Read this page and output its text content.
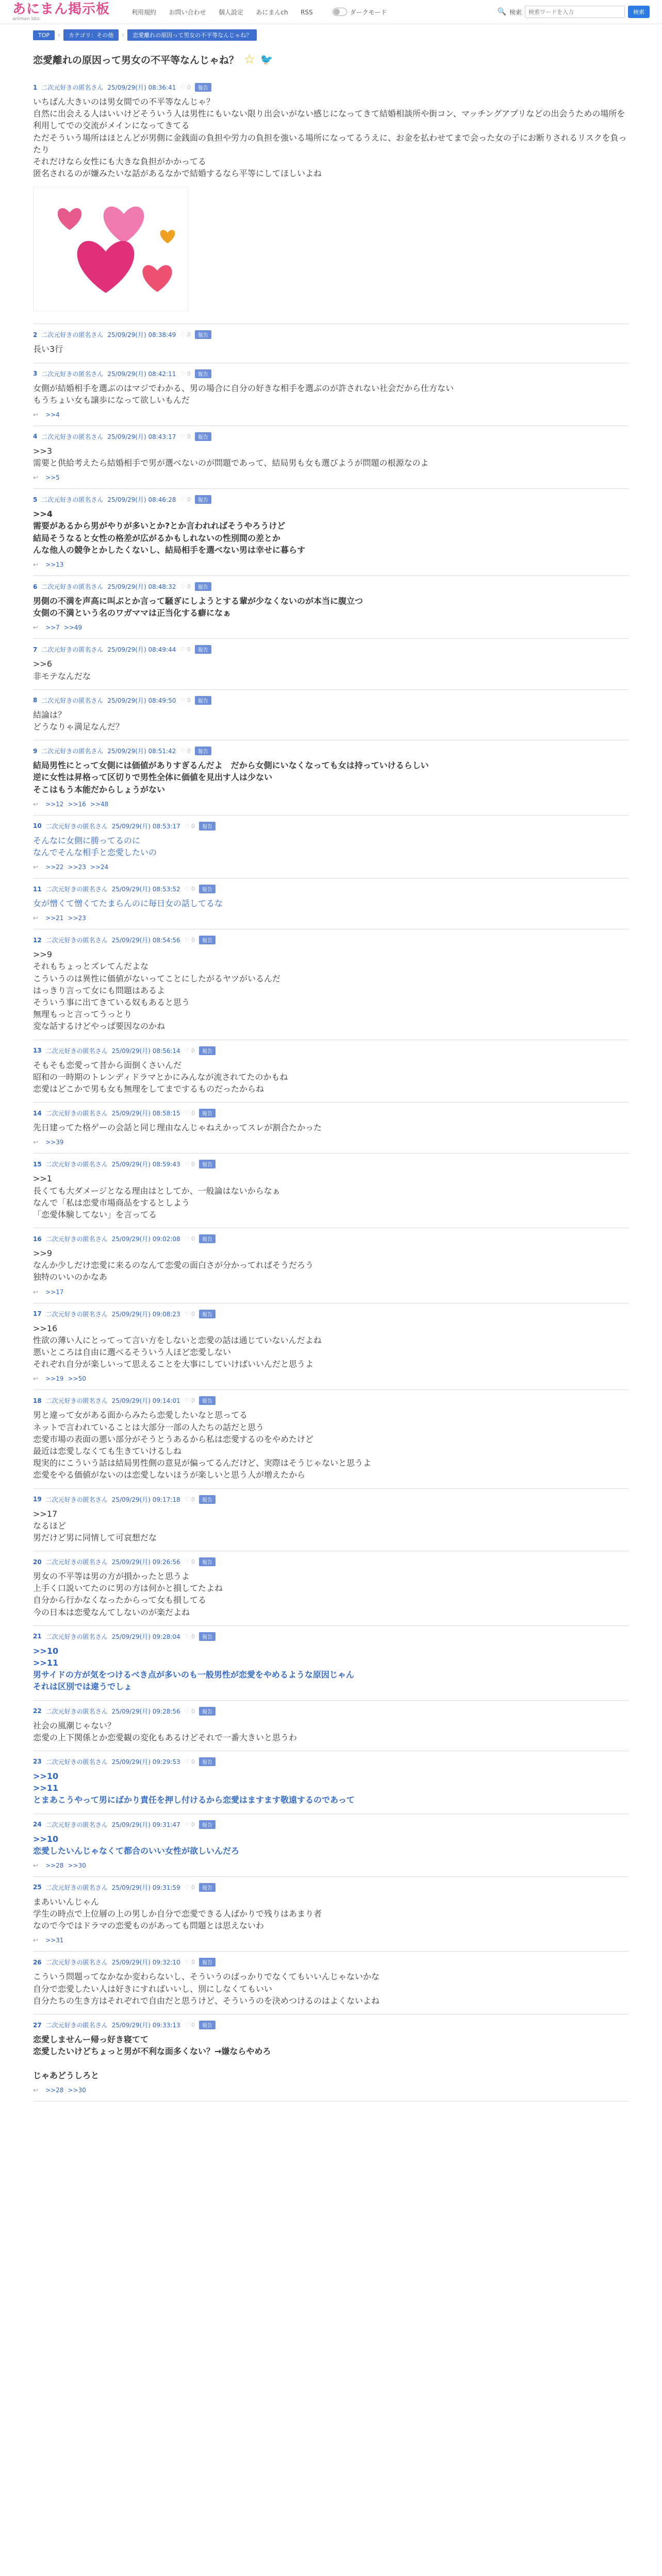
あにまん掲示板
animan bbs
利用規約 お問い合わせ 個人設定 あにまんch RSS	ダークモード	🔍 検索
検索ワードを入力	検索
TOP	›	カテゴリ：その他	›	恋愛離れの原因って男女の不平等なんじゃね？
恋愛離れの原因って男女の不平等なんじゃね？ ☆ 🐦
1 二次元好きの匿名さん 25/09/29(月) 08:36:41 ♡ 0	報告
いちばん大きいのは男女間での不平等なんじゃ？
自然に出会える人はいいけどそういう人は男性にもいない限り出会いがない感じになってきて結婚相談所や街コン、マッチングアプリなどの出会うための場所を利用してでの交流がメインになってきてる
ただそういう場所はほとんどが男側に金銭面の負担や労力の負担を強いる場所になってるうえに、お金を払わせてまで会った女の子にお断りされるリスクを負ったり
それだけなら女性にも大きな負担がかかってる
匿名されるのが嫌みたいな話があるなかで結婚するなら平等にしてほしいよね
2 二次元好きの匿名さん 25/09/29(月) 08:38:49 ♡ 0	報告
長い3行
3 二次元好きの匿名さん 25/09/29(月) 08:42:11 ♡ 0	報告
女側が結婚相手を選ぶのはマジでわかる、男の場合に自分の好きな相手を選ぶのが許されない社会だから仕方ない
もうちょい女も譲歩になって欲しいもんだ
↩ >>4
4 二次元好きの匿名さん 25/09/29(月) 08:43:17 ♡ 0	報告
>>3
需要と供給考えたら結婚相手で男が選べないのが問題であって、結局男も女も選びようが問題の根源なのよ
↩ >>5
5 二次元好きの匿名さん 25/09/29(月) 08:46:28 ♡ 0	報告
>>4
需要があるから男がやりが多いとか?とか言われればそうやろうけど
結局そうなると女性の格差が広がるかもしれないの性別間の差とか
んな他人の競争とかしたくないし、結局相手を選べない男は幸せに暮らす
↩ >>13
6 二次元好きの匿名さん 25/09/29(月) 08:48:32 ♡ 0	報告
男側の不満を声高に叫ぶとか言って騒ぎにしようとする輩が少なくないのが本当に腹立つ
女側の不満という名のワガママは正当化する癖になぁ
↩ >>7 >>49
7 二次元好きの匿名さん 25/09/29(月) 08:49:44 ♡ 0	報告
>>6
非モテなんだな
8 二次元好きの匿名さん 25/09/29(月) 08:49:50 ♡ 0	報告
結論は？
どうなりゃ満足なんだ？
9 二次元好きの匿名さん 25/09/29(月) 08:51:42 ♡ 0	報告
結局男性にとって女側には価値がありすぎるんだよ　だから女側にいなくなっても女は持っていけるらしい
逆に女性は昇格って区切りで男性全体に価値を見出す人は少ない
そこはもう本能だからしょうがない
↩ >>12 >>16 >>48
10 二次元好きの匿名さん 25/09/29(月) 08:53:17 ♡ 0	報告
そんなに女側に勝ってるのに
なんでそんな相手と恋愛したいの
↩ >>22 >>23 >>24
11 二次元好きの匿名さん 25/09/29(月) 08:53:52 ♡ 0	報告
女が憎くて憎くてたまらんのに毎日女の話してるな
↩ >>21 >>23
12 二次元好きの匿名さん 25/09/29(月) 08:54:56 ♡ 0	報告
>>9
それもちょっとズレてんだよな
こういうのは異性に価値がないってことにしたがるヤツがいるんだ
はっきり言って女にも問題はあるよ
そういう事に出てきている奴もあると思う
無理もっと言ってうっとり
変な話するけどやっぱ要因なのかね
13 二次元好きの匿名さん 25/09/29(月) 08:56:14 ♡ 0	報告
そもそも恋愛って昔から面倒くさいんだ
昭和の一時期のトレンディドラマとかにみんなが流されてたのかもね
恋愛はどこかで男も女も無理をしてまでするものだったからね
14 二次元好きの匿名さん 25/09/29(月) 08:58:15 ♡ 0	報告
先日建ってた格ゲーの会話と同じ理由なんじゃねえかってスレが割合たかった
↩ >>39
15 二次元好きの匿名さん 25/09/29(月) 08:59:43 ♡ 0	報告
>>1
長くても大ダメージとなる理由はとしてか、一般論はないからなぁ
なんで「私は恋愛市場商品をするとしよう
「恋愛体験してない」を言ってる
16 二次元好きの匿名さん 25/09/29(月) 09:02:08 ♡ 0	報告
>>9
なんか少しだけ恋愛に来るのなんて恋愛の面白さが分かってればそうだろう
独特のいいのかなあ
↩ >>17
17 二次元好きの匿名さん 25/09/29(月) 09:08:23 ♡ 0	報告
>>16
性欲の薄い人にとってって言い方をしないと恋愛の話は通じていないんだよね
悪いところは自由に選べるそういう人ほど恋愛しない
それぞれ自分が楽しいって思えることを大事にしていけばいいんだと思うよ
↩ >>19 >>50
18 二次元好きの匿名さん 25/09/29(月) 09:14:01 ♡ 0	報告
男と違って女がある面からみたら恋愛したいなと思ってる
ネットで言われていることは大部分一部の人たちの話だと思う
恋愛市場の表面の悪い部分がそうとうあるから私は恋愛するのをやめたけど
最近は恋愛しなくても生きていけるしね
現実的にこういう話は結局男性側の意見が偏ってるんだけど、実際はそうじゃないと思うよ
恋愛をやる価値がないのは恋愛しないほうが楽しいと思う人が増えたから
19 二次元好きの匿名さん 25/09/29(月) 09:17:18 ♡ 0	報告
>>17
なるほど
男だけど男に同情して可哀想だな
20 二次元好きの匿名さん 25/09/29(月) 09:26:56 ♡ 0	報告
男女の不平等は男の方が損かったと思うよ
上手く口説いてたのに男の方は何かと損してたよね
自分から行かなくなったからって女も損してる
今の日本は恋愛なんてしないのが楽だよね
21 二次元好きの匿名さん 25/09/29(月) 09:28:04 ♡ 0	報告
>>10
>>11
男サイドの方が気をつけるべき点が多いのも一般男性が恋愛をやめるような原因じゃん
それは区別では違うでしょ
22 二次元好きの匿名さん 25/09/29(月) 09:28:56 ♡ 0	報告
社会の風潮じゃない？
恋愛の上下関係とか恋愛観の変化もあるけどそれで一番大きいと思うわ
23 二次元好きの匿名さん 25/09/29(月) 09:29:53 ♡ 0	報告
>>10
>>11
とまあこうやって男にばかり責任を押し付けるから恋愛はますます敬遠するのであって
24 二次元好きの匿名さん 25/09/29(月) 09:31:47 ♡ 0	報告
>>10
恋愛したいんじゃなくて都合のいい女性が欲しいんだろ
↩ >>28 >>30
25 二次元好きの匿名さん 25/09/29(月) 09:31:59 ♡ 0	報告
まあいいんじゃん
学生の時点で上位層の上の男しか自分で恋愛できる人ばかりで残りはあまり者
なので今ではドラマの恋愛ものがあっても問題とは思えないわ
↩ >>31
26 二次元好きの匿名さん 25/09/29(月) 09:32:10 ♡ 0	報告
こういう問題ってなかなか変わらないし、そういうのばっかりでなくてもいいんじゃないかな
自分で恋愛したい人は好きにすればいいし、別にしなくてもいい
自分たちの生き方はそれぞれで自由だと思うけど、そういうのを決めつけるのはよくないよね
27 二次元好きの匿名さん 25/09/29(月) 09:33:13 ♡ 0	報告
恋愛しませんー帰っ好き寝てて
恋愛したいけどちょっと男が不利な面多くない？→嫌ならやめろ

じゃあどうしろと
↩ >>28 >>30
